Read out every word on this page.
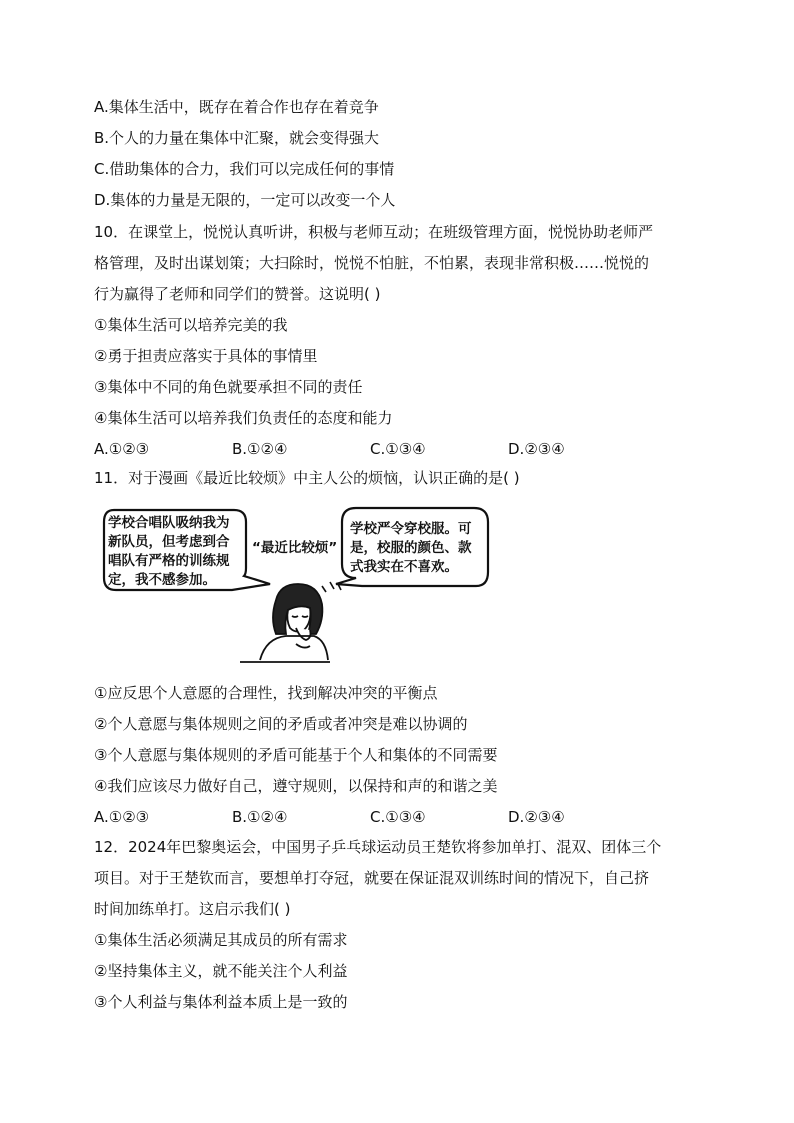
A.集体生活中，既存在着合作也存在着竞争
B.个人的力量在集体中汇聚，就会变得强大
C.借助集体的合力，我们可以完成任何的事情
D.集体的力量是无限的，一定可以改变一个人
10．在课堂上，悦悦认真听讲，积极与老师互动；在班级管理方面，悦悦协助老师严
格管理，及时出谋划策；大扫除时，悦悦不怕脏，不怕累，表现非常积极……悦悦的
行为赢得了老师和同学们的赞誉。这说明( )
①集体生活可以培养完美的我
②勇于担责应落实于具体的事情里
③集体中不同的角色就要承担不同的责任
④集体生活可以培养我们负责任的态度和能力
A.①②③	B.①②④	C.①③④	D.②③④
11．对于漫画《最近比较烦》中主人公的烦恼，认识正确的是( )
学校合唱队吸纳我为
新队员，但考虑到合
唱队有严格的训练规
定，我不感参加。
“最近比较烦”
学校严令穿校服。可
是，校服的颜色、款
式我实在不喜欢。
①应反思个人意愿的合理性，找到解决冲突的平衡点
②个人意愿与集体规则之间的矛盾或者冲突是难以协调的
③个人意愿与集体规则的矛盾可能基于个人和集体的不同需要
④我们应该尽力做好自己，遵守规则，以保持和声的和谐之美
A.①②③	B.①②④	C.①③④	D.②③④
12．2024年巴黎奥运会，中国男子乒乓球运动员王楚钦将参加单打、混双、团体三个
项目。对于王楚钦而言，要想单打夺冠，就要在保证混双训练时间的情况下，自己挤
时间加练单打。这启示我们( )
①集体生活必须满足其成员的所有需求
②坚持集体主义，就不能关注个人利益
③个人利益与集体利益本质上是一致的
